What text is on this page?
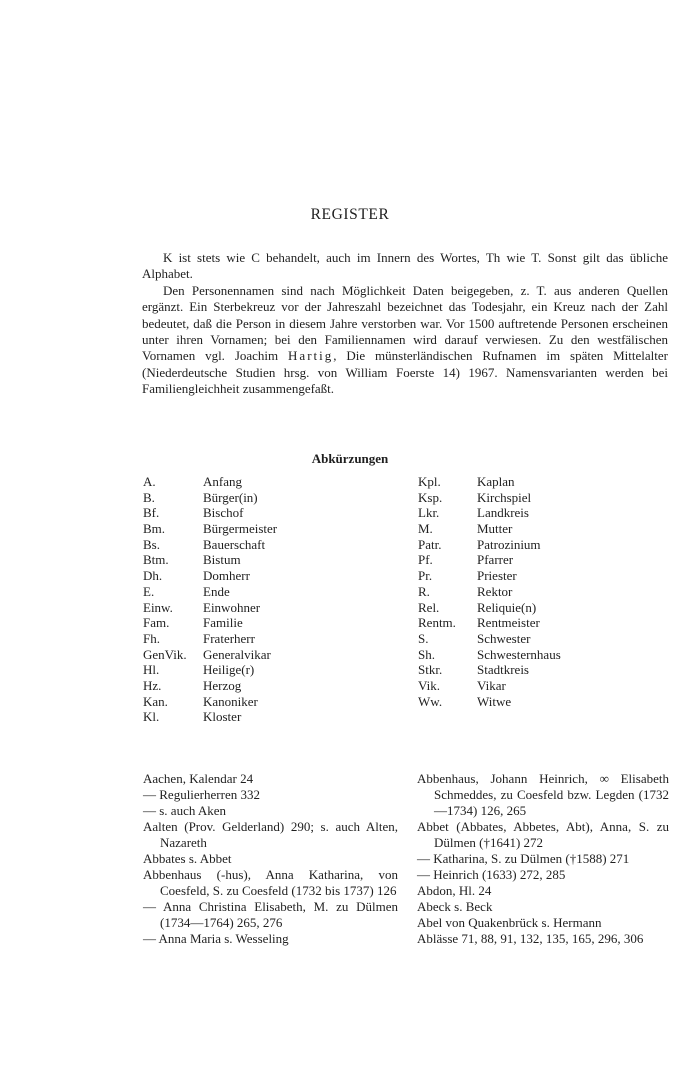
REGISTER

K ist stets wie C behandelt, auch im Innern des Wortes, Th wie T. Sonst gilt das übliche Alphabet.

Den Personennamen sind nach Möglichkeit Daten beigegeben, z. T. aus anderen Quellen ergänzt. Ein Sterbekreuz vor der Jahreszahl bezeichnet das Todesjahr, ein Kreuz nach der Zahl bedeutet, daß die Person in diesem Jahre verstorben war. Vor 1500 auftretende Personen erscheinen unter ihren Vornamen; bei den Familiennamen wird darauf verwiesen. Zu den westfälischen Vornamen vgl. Joachim Hartig, Die münsterländischen Rufnamen im späten Mittelalter (Niederdeutsche Studien hrsg. von William Foerste 14) 1967. Namensvarianten werden bei Familiengleichheit zusammengefaßt.

Abkürzungen
A.	Anfang
B.	Bürger(in)
Bf.	Bischof
Bm.	Bürgermeister
Bs.	Bauerschaft
Btm.	Bistum
Dh.	Domherr
E.	Ende
Einw.	Einwohner
Fam.	Familie
Fh.	Fraterherr
GenVik.	Generalvikar
Hl.	Heilige(r)
Hz.	Herzog
Kan.	Kanoniker
Kl.	Kloster
Kpl.	Kaplan
Ksp.	Kirchspiel
Lkr.	Landkreis
M.	Mutter
Patr.	Patrozinium
Pf.	Pfarrer
Pr.	Priester
R.	Rektor
Rel.	Reliquie(n)
Rentm.	Rentmeister
S.	Schwester
Sh.	Schwesternhaus
Stkr.	Stadtkreis
Vik.	Vikar
Ww.	Witwe

Aachen, Kalendar 24

— Regulierherren 332

— s. auch Aken

Aalten (Prov. Gelderland) 290; s. auch Alten, Nazareth

Abbates s. Abbet

Abbenhaus (-hus), Anna Katharina, von Coesfeld, S. zu Coesfeld (1732 bis 1737) 126

— Anna Christina Elisabeth, M. zu Dülmen (1734—1764) 265, 276

— Anna Maria s. Wesseling

Abbenhaus, Johann Heinrich, ∞ Elisabeth Schmeddes, zu Coesfeld bzw. Legden (1732—1734) 126, 265

Abbet (Abbates, Abbetes, Abt), Anna, S. zu Dülmen (†1641) 272

— Katharina, S. zu Dülmen (†1588) 271

— Heinrich (1633) 272, 285

Abdon, Hl. 24

Abeck s. Beck

Abel von Quakenbrück s. Hermann

Ablässe 71, 88, 91, 132, 135, 165, 296, 306
